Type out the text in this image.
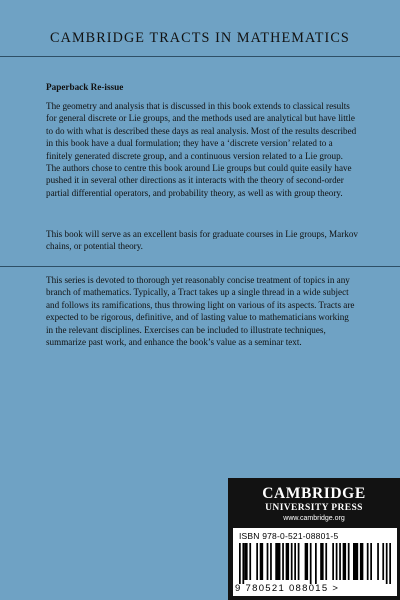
CAMBRIDGE TRACTS IN MATHEMATICS
Paperback Re-issue

The geometry and analysis that is discussed in this book extends to classical results for general discrete or Lie groups, and the methods used are analytical but have little to do with what is described these days as real analysis. Most of the results described in this book have a dual formulation; they have a ‘discrete version’ related to a finitely generated discrete group, and a continuous version related to a Lie group. The authors chose to centre this book around Lie groups but could quite easily have pushed it in several other directions as it interacts with the theory of second-order partial differential operators, and probability theory, as well as with group theory.

This book will serve as an excellent basis for graduate courses in Lie groups, Markov chains, or potential theory.

This series is devoted to thorough yet reasonably concise treatment of topics in any branch of mathematics. Typically, a Tract takes up a single thread in a wide subject and follows its ramifications, thus throwing light on various of its aspects. Tracts are expected to be rigorous, definitive, and of lasting value to mathematicians working in the relevant disciplines. Exercises can be included to illustrate techniques, summarize past work, and enhance the book’s value as a seminar text.

CAMBRIDGE
UNIVERSITY PRESS
www.cambridge.org
ISBN 978-0-521-08801-5
9 780521 088015 >
